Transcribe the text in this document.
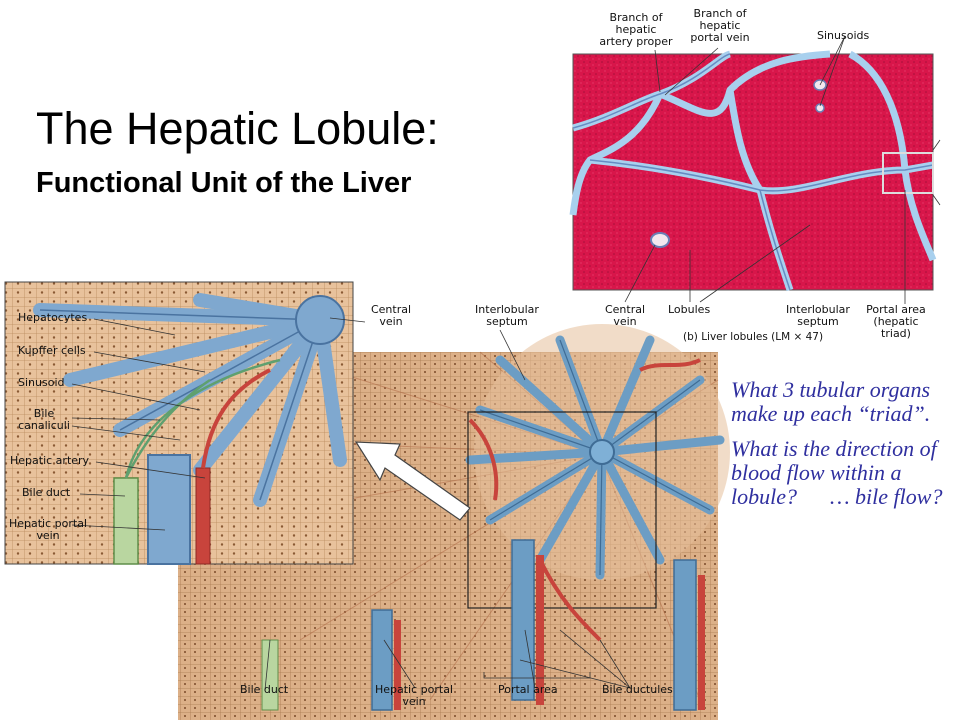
The Hepatic Lobule:
Functional Unit of the Liver
Branch of hepatic artery proper
Branch of hepatic portal vein	Sinusoids
Central vein
Lobules	Interlobular septum
Portal area (hepatic triad)
(b) Liver lobules (LM × 47)
Hepatocytes
Kupffer cells
Sinusoid
Bile canaliculi
Hepatic artery
Bile duct
Hepatic portal vein
Central vein
Interlobular septum
Bile duct	Hepatic portal vein
Portal area	Bile ductules

What 3 tubular organs make up each “triad”.

What is the direction of blood flow within a lobule?      … bile flow?
